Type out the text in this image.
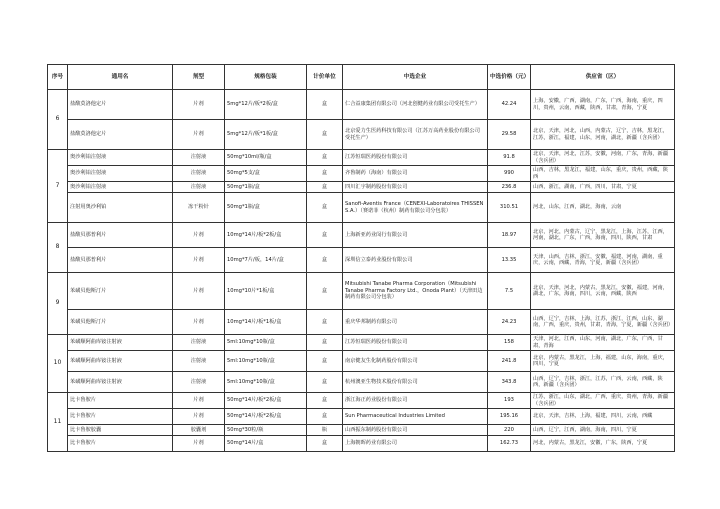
序号	通用名	剂型	规格包装	计价单位	中选企业	中选价格（元）	供应省（区）
6	盐酸莫洛他定片	片剂	5mg*12片/板*2板/盒	盒	仁合益康集团有限公司（河北创健药业有限公司受托生产）	42.24	上海，安徽，广西，湖南，广东，广西，海南，重庆，四川，贵州，云南，西藏，陕西，甘肃，青海，宁夏
	盐酸莫洛他定片	片剂	5mg*12片/板*1板/盒	盒	北京爱力生医药科技有限公司（江苏万高药业股份有限公司受托生产）	29.58	北京，天津，河北，山西，内蒙古，辽宁，吉林，黑龙江，江苏，浙江，福建，山东，河南，湖北，新疆（含兵团）
7	奥沙利铂注射液	注射液	50mg*10ml/瓶/盒	盒	江苏恒瑞医药股份有限公司	91.8	北京，天津，河北，江苏，安徽，河南，广东，青海，新疆（含兵团）
	奥沙利铂注射液	注射液	50mg*5支/盒	盒	齐鲁制药（海南）有限公司	990	山西，吉林，黑龙江，福建，山东，重庆，贵州，西藏，陕西
	奥沙利铂注射液	注射液	50mg*1瓶/盒	盒	四川汇宇制药股份有限公司	236.8	山西，浙江，湖南，广西，四川，甘肃，宁夏
	注射用奥沙利铂	冻干粉针	50mg*1瓶/盒	盒	Sanofi-Aventis France（CENEXI-Laboratoires THISSEN S.A.）（赛诺菲（杭州）制药有限公司分包装）	310.51	河北，山东，江西，湖北，海南，云南
8	盐酸贝那普利片	片剂	10mg*14片/板*2板/盒	盒	上海新亚药业闵行有限公司	18.97	北京，河北，内蒙古，辽宁，黑龙江，上海，江苏，江西，河南，湖北，广东，广西，海南，四川，陕西，甘肃
	盐酸贝那普利片	片剂	10mg*7片/板，14片/盒	盒	深圳信立泰药业股份有限公司	13.35	天津，山西，吉林，浙江，安徽，福建，河南，湖南，重庆，云南，西藏，青海，宁夏，新疆（含兵团）
9	苯磺贝他斯汀片	片剂	10mg*10片*1板/盒	盒	Mitsubishi Tanabe Pharma Corporation（Mitsubishi Tanabe Pharma Factory Ltd.，Onoda Plant）（天津田边制药有限公司分包装）	7.5	北京，天津，河北，内蒙古，黑龙江，安徽，福建，河南，湖北，广东，海南，四川，云南，西藏，陕西
	苯磺贝他斯汀片	片剂	10mg*14片/板*1板/盒	盒	重庆华邦制药有限公司	24.23	山西，辽宁，吉林，上海，江苏，浙江，江西，山东，湖南，广西，重庆，贵州，甘肃，青海，宁夏，新疆（含兵团）
10	苯磺顺阿曲库铵注射液	注射液	5ml:10mg*10瓶/盒	盒	江苏恒瑞医药股份有限公司	158	天津，河北，江西，山东，河南，湖北，广东，广西，甘肃，青海
	苯磺顺阿曲库铵注射液	注射液	5ml:10mg*10瓶/盒	盒	南京健友生化制药股份有限公司	241.8	北京，内蒙古，黑龙江，上海，福建，山东，海南，重庆，四川，宁夏
	苯磺顺阿曲库铵注射液	注射液	5ml:10mg*10瓶/盒	盒	杭州澳亚生物技术股份有限公司	343.8	山西，辽宁，吉林，浙江，江苏，广西，云南，西藏，陕西，新疆（含兵团）
11	比卡鲁胺片	片剂	50mg*14片/板*2板/盒	盒	浙江海正药业股份有限公司	193	江苏，浙江，山东，湖北，广西，重庆，贵州，青海，新疆（含兵团）
	比卡鲁胺片	片剂	50mg*14片/板*2板/盒	盒	Sun Pharmaceutical Industries Limited	195.16	北京，天津，吉林，上海，福建，四川，云南，西藏
	比卡鲁胺胶囊	胶囊剂	50mg*30粒/瓶	瓶	山西振东制药股份有限公司	220	山西，辽宁，江西，湖南，海南，四川，宁夏
	比卡鲁胺片	片剂	50mg*14片/盒	盒	上海朝晖药业有限公司	162.73	河北，内蒙古，黑龙江，安徽，广东，陕西，宁夏
